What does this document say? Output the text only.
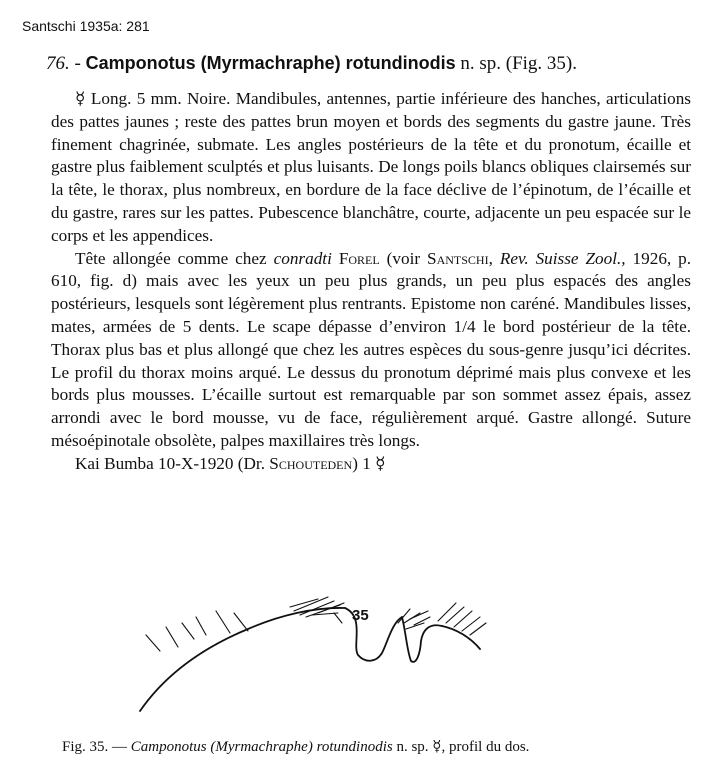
Santschi 1935a: 281
76. - Camponotus (Myrmachraphe) rotundinodis n. sp. (Fig. 35).

☿ Long. 5 mm. Noire. Mandibules, antennes, partie inférieure des hanches, articulations des pattes jaunes ; reste des pattes brun moyen et bords des segments du gastre jaune. Très finement chagrinée, submate. Les angles postérieurs de la tête et du pronotum, écaille et gastre plus faiblement sculptés et plus luisants. De longs poils blancs obliques clairsemés sur la tête, le thorax, plus nombreux, en bordure de la face déclive de l’épinotum, de l’écaille et du gastre, rares sur les pattes. Pubescence blanchâtre, courte, adjacente un peu espacée sur le corps et les appendices.

Tête allongée comme chez conradti Forel (voir Santschi, Rev. Suisse Zool., 1926, p. 610, fig. d) mais avec les yeux un peu plus grands, un peu plus espacés des angles postérieurs, lesquels sont légèrement plus rentrants. Epistome non caréné. Mandibules lisses, mates, armées de 5 dents. Le scape dépasse d’environ 1/4 le bord postérieur de la tête. Thorax plus bas et plus allongé que chez les autres espèces du sous-genre jusqu’ici décrites. Le profil du thorax moins arqué. Le dessus du pronotum déprimé mais plus convexe et les bords plus mousses. L’écaille surtout est remarquable par son sommet assez épais, assez arrondi avec le bord mousse, vu de face, régulièrement arqué. Gastre allongé. Suture mésoépinotale obsolète, palpes maxillaires très longs.

Kai Bumba 10-X-1920 (Dr. Schouteden) 1 ☿

35
Fig. 35. — Camponotus (Myrmachraphe) rotundinodis n. sp. ☿, profil du dos.
